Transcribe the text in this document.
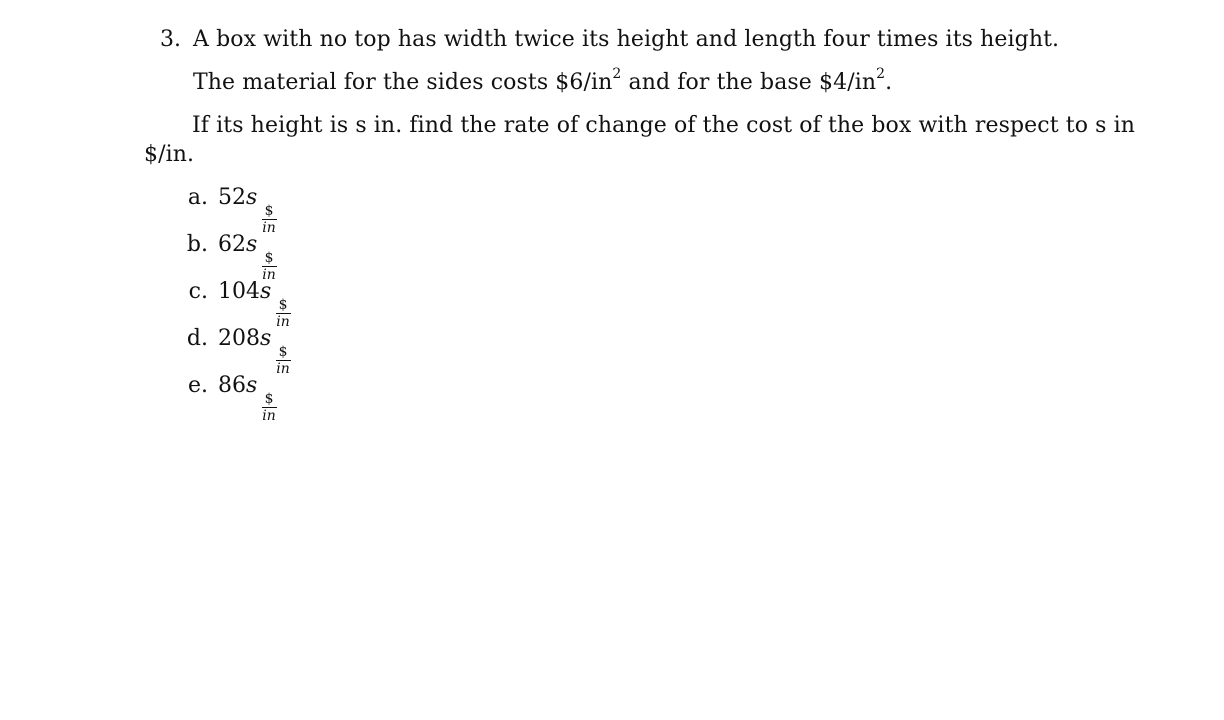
3. A box with no top has width twice its height and length four times its height.
The material for the sides costs $\$6/in^2$ and for the base $\$4/in^2$.
If its height is s in. find the rate of change of the cost of the box with respect to s in
$/in.
a. 52s
$\frac{\$}{in}$
b. 62s
$\frac{\$}{in}$
c. 104s
$\frac{\$}{in}$
d. 208s
$\frac{\$}{in}$
e. 86s
$\frac{\$}{in}$
